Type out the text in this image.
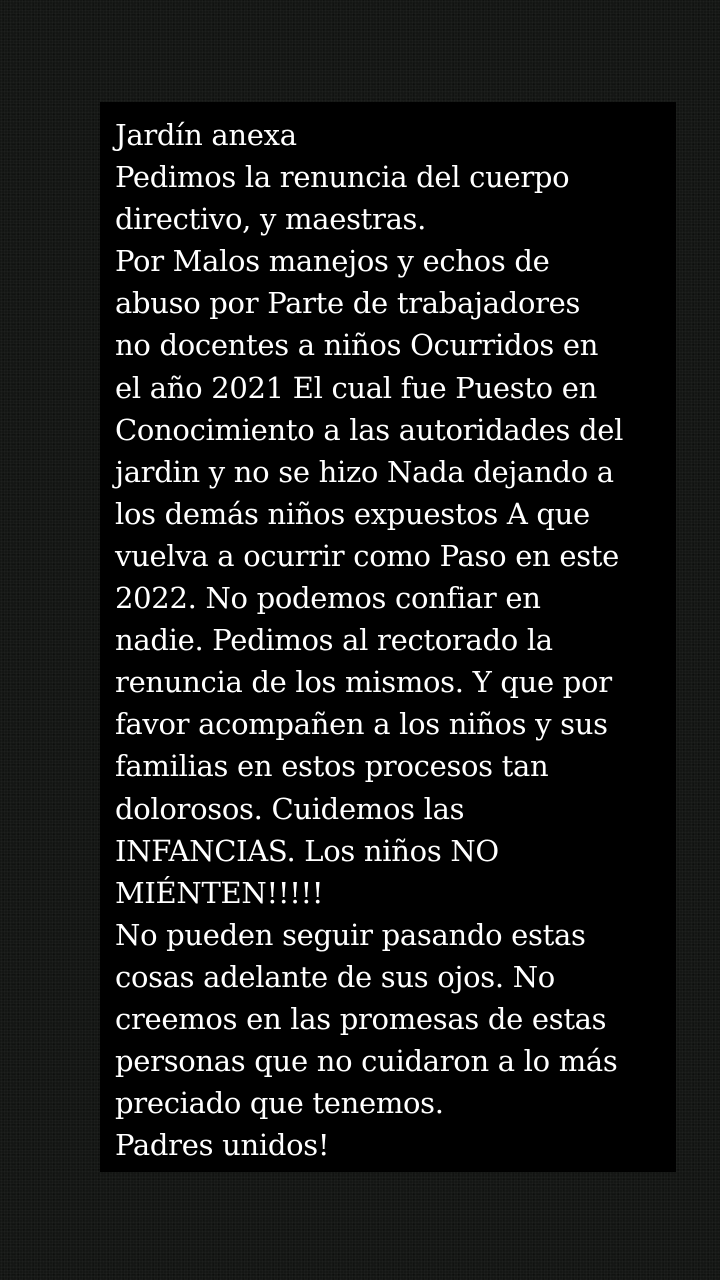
Jardín anexa
Pedimos la renuncia del cuerpo
directivo, y maestras.
Por Malos manejos y echos de
abuso por Parte de trabajadores
no docentes a niños Ocurridos en
el año 2021 El cual fue Puesto en
Conocimiento a las autoridades del
jardin y no se hizo Nada dejando a
los demás niños expuestos A que
vuelva a ocurrir como Paso en este
2022. No podemos confiar en
nadie. Pedimos al rectorado la
renuncia de los mismos. Y que por
favor acompañen a los niños y sus
familias en estos procesos tan
dolorosos. Cuidemos las
INFANCIAS. Los niños NO
MIÉNTEN!!!!!
No pueden seguir pasando estas
cosas adelante de sus ojos. No
creemos en las promesas de estas
personas que no cuidaron a lo más
preciado que tenemos.
Padres unidos!
